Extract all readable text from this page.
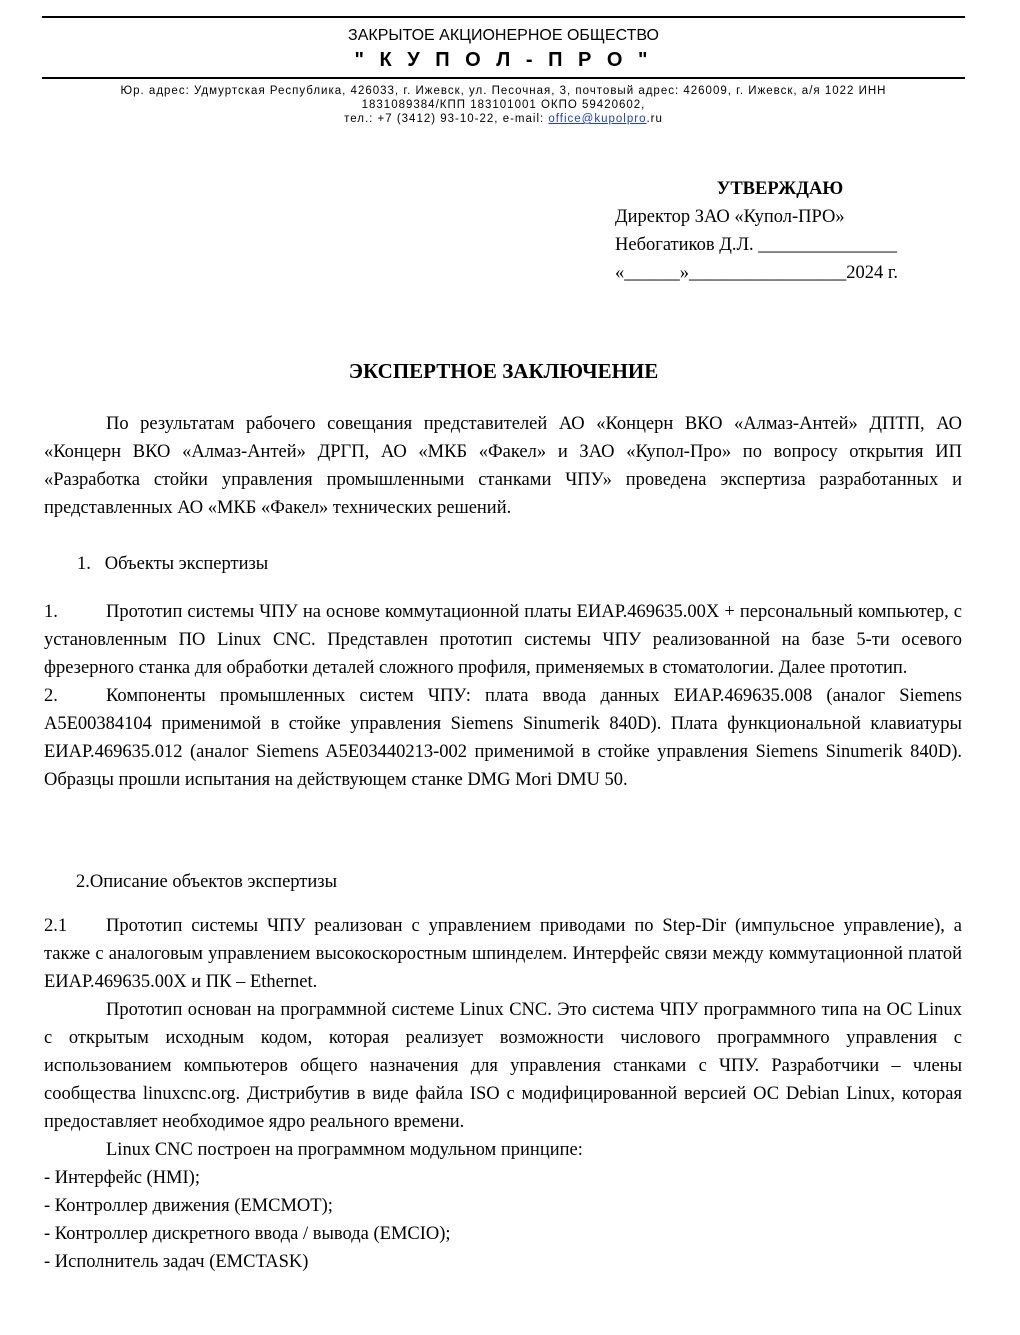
ЗАКРЫТОЕ АКЦИОНЕРНОЕ ОБЩЕСТВО
" К У П О Л - П Р О "
Юр. адрес: Удмуртская Республика, 426033, г. Ижевск, ул. Песочная, 3, почтовый адрес: 426009, г. Ижевск, а/я 1022 ИНН
1831089384/КПП 183101001 ОКПО 59420602,
тел.: +7 (3412) 93-10-22, e-mail: office@kupolpro.ru
УТВЕРЖДАЮ
Директор ЗАО «Купол-ПРО»
Небогатиков Д.Л. _______________
«______»_________________2024 г.
ЭКСПЕРТНОЕ ЗАКЛЮЧЕНИЕ

По результатам рабочего совещания представителей АО «Концерн ВКО «Алмаз-Антей» ДПТП, АО «Концерн ВКО «Алмаз-Антей» ДРГП, АО «МКБ «Факел» и ЗАО «Купол-Про» по вопросу открытия ИП «Разработка стойки управления промышленными станками ЧПУ» проведена экспертиза разработанных и представленных АО «МКБ «Факел» технических решений.

1.   Объекты экспертизы

1.	Прототип системы ЧПУ на основе коммутационной платы ЕИАР.469635.00Х + персональный компьютер, с установленным ПО Linux CNC. Представлен прототип системы ЧПУ реализованной на базе 5-ти осевого фрезерного станка для обработки деталей сложного профиля, применяемых в стоматологии. Далее прототип.

2.	Компоненты промышленных систем ЧПУ: плата ввода данных ЕИАР.469635.008 (аналог Siemens A5E00384104 применимой в стойке управления Siemens Sinumerik 840D). Плата функциональной клавиатуры ЕИАР.469635.012 (аналог Siemens A5E03440213-002 применимой в стойке управления Siemens Sinumerik 840D). Образцы прошли испытания на действующем станке DMG Mori DMU 50.

2.Описание объектов экспертизы

2.1 Прототип системы ЧПУ реализован с управлением приводами по Step-Dir (импульсное управление), а также с аналоговым управлением высокоскоростным шпинделем. Интерфейс связи между коммутационной платой ЕИАР.469635.00Х и ПК – Ethernet.

Прототип основан на программной системе Linux CNC. Это система ЧПУ программного типа на ОС Linux с открытым исходным кодом, которая реализует возможности числового программного управления с использованием компьютеров общего назначения для управления станками с ЧПУ. Разработчики – члены сообщества linuxcnc.org. Дистрибутив в виде файла ISO с модифицированной версией ОС Debian Linux, которая предоставляет необходимое ядро реального времени.

Linux CNC построен на программном модульном принципе:

- Интерфейс (HMI);

- Контроллер движения (EMCMOT);

- Контроллер дискретного ввода / вывода (EMCIO);

- Исполнитель задач (EMCTASK)
